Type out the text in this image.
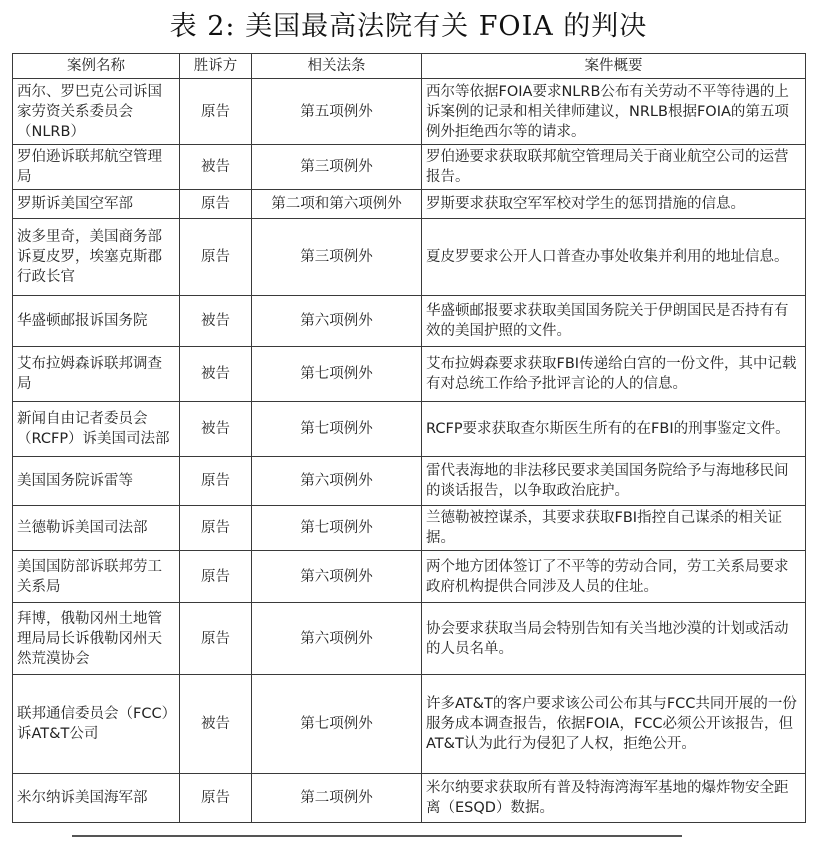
表 2: 美国最高法院有关 FOIA 的判决
案例名称	胜诉方	相关法条	案件概要
西尔、罗巴克公司诉国家劳资关系委员会（NLRB）	原告	第五项例外	西尔等依据FOIA要求NLRB公布有关劳动不平等待遇的上诉案例的记录和相关律师建议，NRLB根据FOIA的第五项例外拒绝西尔等的请求。
罗伯逊诉联邦航空管理局	被告	第三项例外	罗伯逊要求获取联邦航空管理局关于商业航空公司的运营报告。
罗斯诉美国空军部	原告	第二项和第六项例外	罗斯要求获取空军军校对学生的惩罚措施的信息。
波多里奇，美国商务部诉夏皮罗，埃塞克斯郡行政长官	原告	第三项例外	夏皮罗要求公开人口普查办事处收集并利用的地址信息。
华盛顿邮报诉国务院	被告	第六项例外	华盛顿邮报要求获取美国国务院关于伊朗国民是否持有有效的美国护照的文件。
艾布拉姆森诉联邦调查局	被告	第七项例外	艾布拉姆森要求获取FBI传递给白宫的一份文件，其中记载有对总统工作给予批评言论的人的信息。
新闻自由记者委员会（RCFP）诉美国司法部	被告	第七项例外	RCFP要求获取查尔斯医生所有的在FBI的刑事鉴定文件。
美国国务院诉雷等	原告	第六项例外	雷代表海地的非法移民要求美国国务院给予与海地移民间的谈话报告，以争取政治庇护。
兰德勒诉美国司法部	原告	第七项例外	兰德勒被控谋杀，其要求获取FBI指控自己谋杀的相关证据。
美国国防部诉联邦劳工关系局	原告	第六项例外	两个地方团体签订了不平等的劳动合同，劳工关系局要求政府机构提供合同涉及人员的住址。
拜博，俄勒冈州土地管理局局长诉俄勒冈州天然荒漠协会	原告	第六项例外	协会要求获取当局会特别告知有关当地沙漠的计划或活动的人员名单。
联邦通信委员会（FCC）诉AT&T公司	被告	第七项例外	许多AT&T的客户要求该公司公布其与FCC共同开展的一份服务成本调查报告，依据FOIA，FCC必须公开该报告，但AT&T认为此行为侵犯了人权，拒绝公开。
米尔纳诉美国海军部	原告	第二项例外	米尔纳要求获取所有普及特海湾海军基地的爆炸物安全距离（ESQD）数据。
